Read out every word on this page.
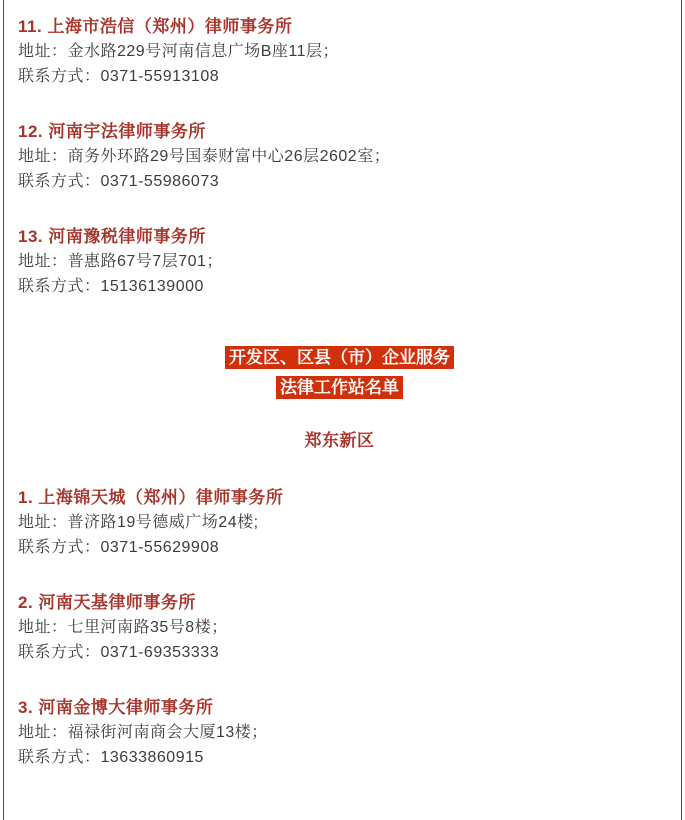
11. 上海市浩信（郑州）律师事务所

地址：金水路229号河南信息广场B座11层；

联系方式：0371-55913108

12. 河南宇法律师事务所

地址：商务外环路29号国泰财富中心26层2602室；

联系方式：0371-55986073

13. 河南豫税律师事务所

地址：普惠路67号7层701；

联系方式：15136139000

开发区、区县（市）企业服务

法律工作站名单

郑东新区

1. 上海锦天城（郑州）律师事务所

地址：普济路19号德威广场24楼;

联系方式：0371-55629908

2. 河南天基律师事务所

地址：七里河南路35号8楼；

联系方式：0371-69353333

3. 河南金博大律师事务所

地址：福禄街河南商会大厦13楼；

联系方式：13633860915
